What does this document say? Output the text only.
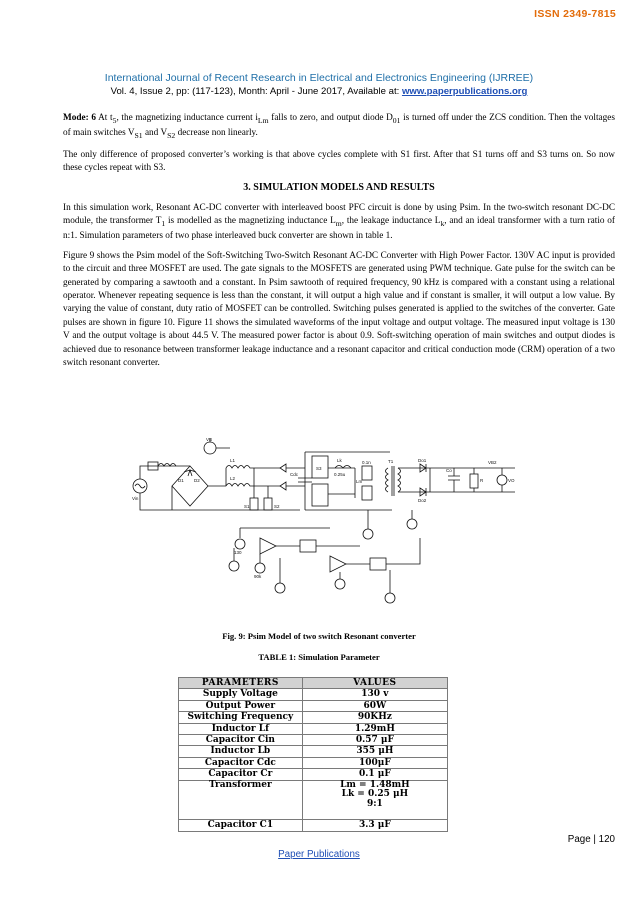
ISSN 2349-7815
International Journal of Recent Research in Electrical and Electronics Engineering (IJRREE)
Vol. 4, Issue 2, pp: (117-123), Month: April - June 2017, Available at: www.paperpublications.org

Mode: 6 At $t_5$, the magnetizing inductance current $i_{Lm}$ falls to zero, and output diode $D_{01}$ is turned off under the ZCS condition. Then the voltages of main switches $V_{S1}$ and $V_{S2}$ decrease non linearly.

The only difference of proposed converter’s working is that above cycles complete with S1 first. After that S1 turns off and S3 turns on. So now these cycles repeat with S3.

3. SIMULATION MODELS AND RESULTS

In this simulation work, Resonant AC-DC converter with interleaved boost PFC circuit is done by using Psim. In the two-switch resonant DC-DC module, the transformer $T_1$ is modelled as the magnetizing inductance $L_m$, the leakage inductance $L_k$, and an ideal transformer with a turn ratio of n:1. Simulation parameters of two phase interleaved buck converter are shown in table 1.

Figure 9 shows the Psim model of the Soft-Switching Two-Switch Resonant AC-DC Converter with High Power Factor. 130V AC input is provided to the circuit and three MOSFET are used. The gate signals to the MOSFETS are generated using PWM technique. Gate pulse for the switch can be generated by comparing a sawtooth and a constant. In Psim sawtooth of required frequency, 90 kHz is compared with a constant using a relational operator. Whenever repeating sequence is less than the constant, it will output a high value and if constant is smaller, it will output a low value. By varying the value of constant, duty ratio of MOSFET can be controlled. Switching pulses generated is applied to the switches of the converter. Gate pulses are shown in figure 10. Figure 11 shows the simulated waveforms of the input voltage and output voltage. The measured input voltage is 130 V and the output voltage is about 44.5 V. The measured power factor is about 0.9. Soft-switching operation of main switches and output diodes is achieved due to resonance between transformer leakage inductance and a resonant capacitor and critical conduction mode (CRM) operation of a two switch resonant converter.

VB
Vin
D1 D2
L1
L2
S1	S2
S3
Cdc
Lk
Lm
T1	Do1
Do2
Co
R	VO
VB2
0.25u
0.1n
130
90k
Fig. 9: Psim Model of two switch Resonant converter
TABLE 1: Simulation Parameter
PARAMETERS	VALUES
Supply Voltage	130 v
Output Power	60W
Switching Frequency	90KHz
Inductor Lf	1.29mH
Capacitor Cin	0.57 μF
Inductor Lb	355 μH
Capacitor Cdc	100μF
Capacitor Cr	0.1 μF
Transformer	Lm = 1.48mH
Lk = 0.25 μH
9:1

Capacitor C1	3.3 μF
Page | 120
Paper Publications
